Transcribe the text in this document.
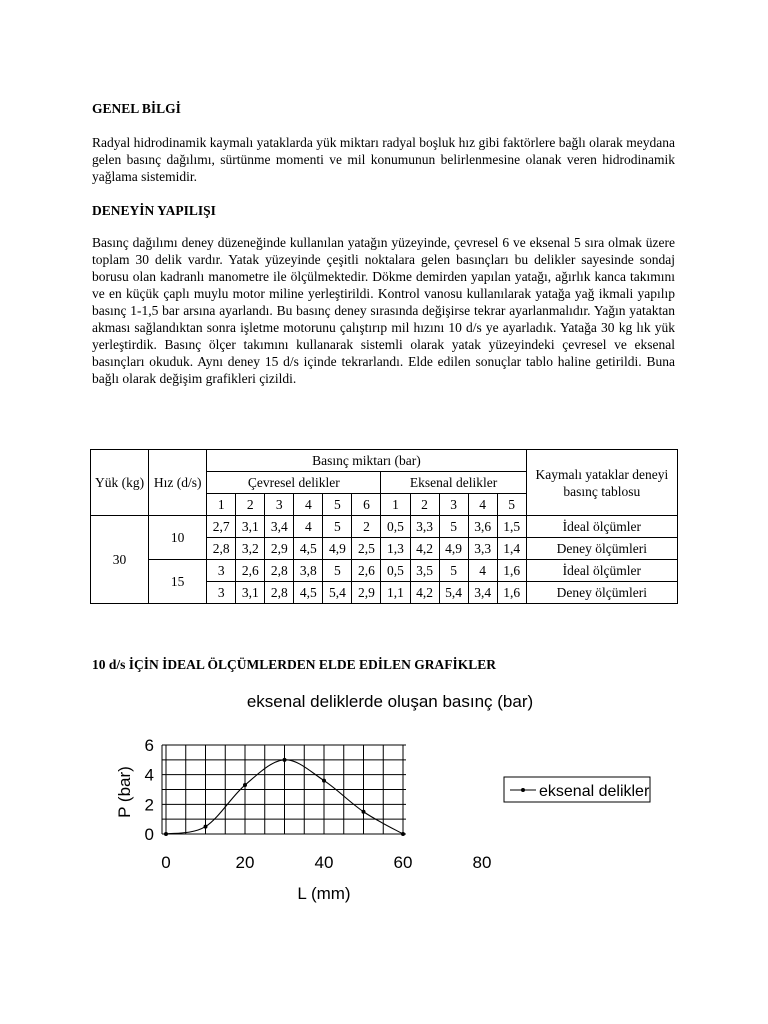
GENEL BİLGİ

Radyal hidrodinamik kaymalı yataklarda yük miktarı radyal boşluk hız gibi faktörlere bağlı olarak meydana gelen basınç dağılımı, sürtünme momenti ve mil konumunun belirlenmesine olanak veren hidrodinamik yağlama sistemidir.

DENEYİN YAPILIŞI

Basınç dağılımı deney düzeneğinde kullanılan yatağın yüzeyinde, çevresel 6 ve eksenal 5 sıra olmak üzere toplam 30 delik vardır. Yatak yüzeyinde çeşitli noktalara gelen basınçları bu delikler sayesinde sondaj borusu olan kadranlı manometre ile ölçülmektedir. Dökme demirden yapılan yatağı, ağırlık kanca takımını ve en küçük çaplı muylu motor miline yerleştirildi. Kontrol vanosu kullanılarak yatağa yağ ikmali yapılıp basınç 1-1,5 bar arsına ayarlandı. Bu basınç deney sırasında değişirse tekrar ayarlanmalıdır. Yağın yataktan akması sağlandıktan sonra işletme motorunu çalıştırıp mil hızını 10 d/s ye ayarladık. Yatağa 30 kg lık yük yerleştirdik. Basınç ölçer takımını kullanarak sistemli olarak yatak yüzeyindeki çevresel ve eksenal basınçları okuduk. Aynı deney 15 d/s içinde tekrarlandı. Elde edilen sonuçlar tablo haline getirildi. Buna bağlı olarak değişim grafikleri çizildi.

Yük (kg)	Hız (d/s)	Basınç miktarı (bar)											Kaymalı yataklar deneyi basınç tablosu
		Çevresel delikler						Eksenal delikler					
		1	2	3	4	5	6	1	2	3	4	5	
30	10	2,7	3,1	3,4	4	5	2	0,5	3,3	5	3,6	1,5	İdeal ölçümler
		2,8	3,2	2,9	4,5	4,9	2,5	1,3	4,2	4,9	3,3	1,4	Deney ölçümleri
	15	3	2,6	2,8	3,8	5	2,6	0,5	3,5	5	4	1,6	İdeal ölçümler
		3	3,1	2,8	4,5	5,4	2,9	1,1	4,2	5,4	3,4	1,6	Deney ölçümleri
10 d/s İÇİN İDEAL ÖLÇÜMLERDEN ELDE EDİLEN GRAFİKLER
eksenal deliklerde oluşan basınç (bar)
0
2
4
6
0	20	40	60	80
P (bar)
L (mm)
eksenal delikler
